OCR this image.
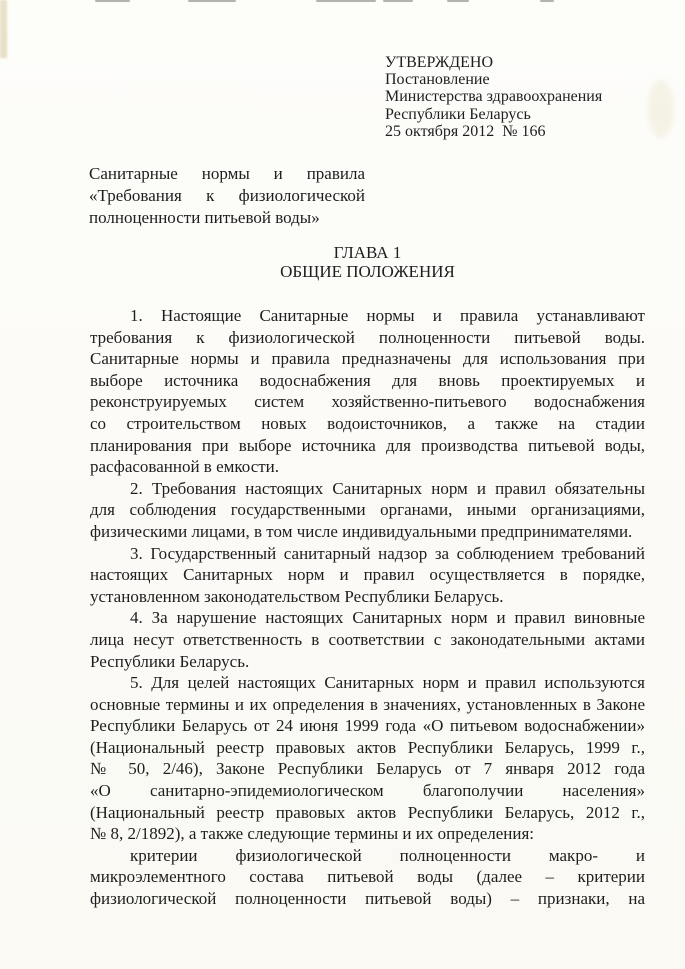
УТВЕРЖДЕНО
Постановление
Министерства здравоохранения
Республики Беларусь
25 октября 2012  № 166
Санитарные нормы и правила
«Требования к физиологической
полноценности питьевой воды»
ГЛАВА 1
ОБЩИЕ ПОЛОЖЕНИЯ
1. Настоящие Санитарные нормы и правила устанавливают
требования к физиологической полноценности питьевой воды.
Санитарные нормы и правила предназначены для использования при
выборе источника водоснабжения для вновь проектируемых и
реконструируемых систем хозяйственно-питьевого водоснабжения
со строительством новых водоисточников, а также на стадии
планирования при выборе источника для производства питьевой воды,
расфасованной в емкости.
2. Требования настоящих Санитарных норм и правил обязательны
для соблюдения государственными органами, иными организациями,
физическими лицами, в том числе индивидуальными предпринимателями.
3. Государственный санитарный надзор за соблюдением требований
настоящих Санитарных норм и правил осуществляется в порядке,
установленном законодательством Республики Беларусь.
4. За нарушение настоящих Санитарных норм и правил виновные
лица несут ответственность в соответствии с законодательными актами
Республики Беларусь.
5. Для целей настоящих Санитарных норм и правил используются
основные термины и их определения в значениях, установленных в Законе
Республики Беларусь от 24 июня 1999 года «О питьевом водоснабжении»
(Национальный реестр правовых актов Республики Беларусь, 1999 г.,
№ 50, 2/46), Законе Республики Беларусь от 7 января 2012 года
«О санитарно-эпидемиологическом благополучии населения»
(Национальный реестр правовых актов Республики Беларусь, 2012 г.,
№ 8, 2/1892), а также следующие термины и их определения:
критерии физиологической полноценности макро- и
микроэлементного состава питьевой воды (далее – критерии
физиологической полноценности питьевой воды) – признаки, на
